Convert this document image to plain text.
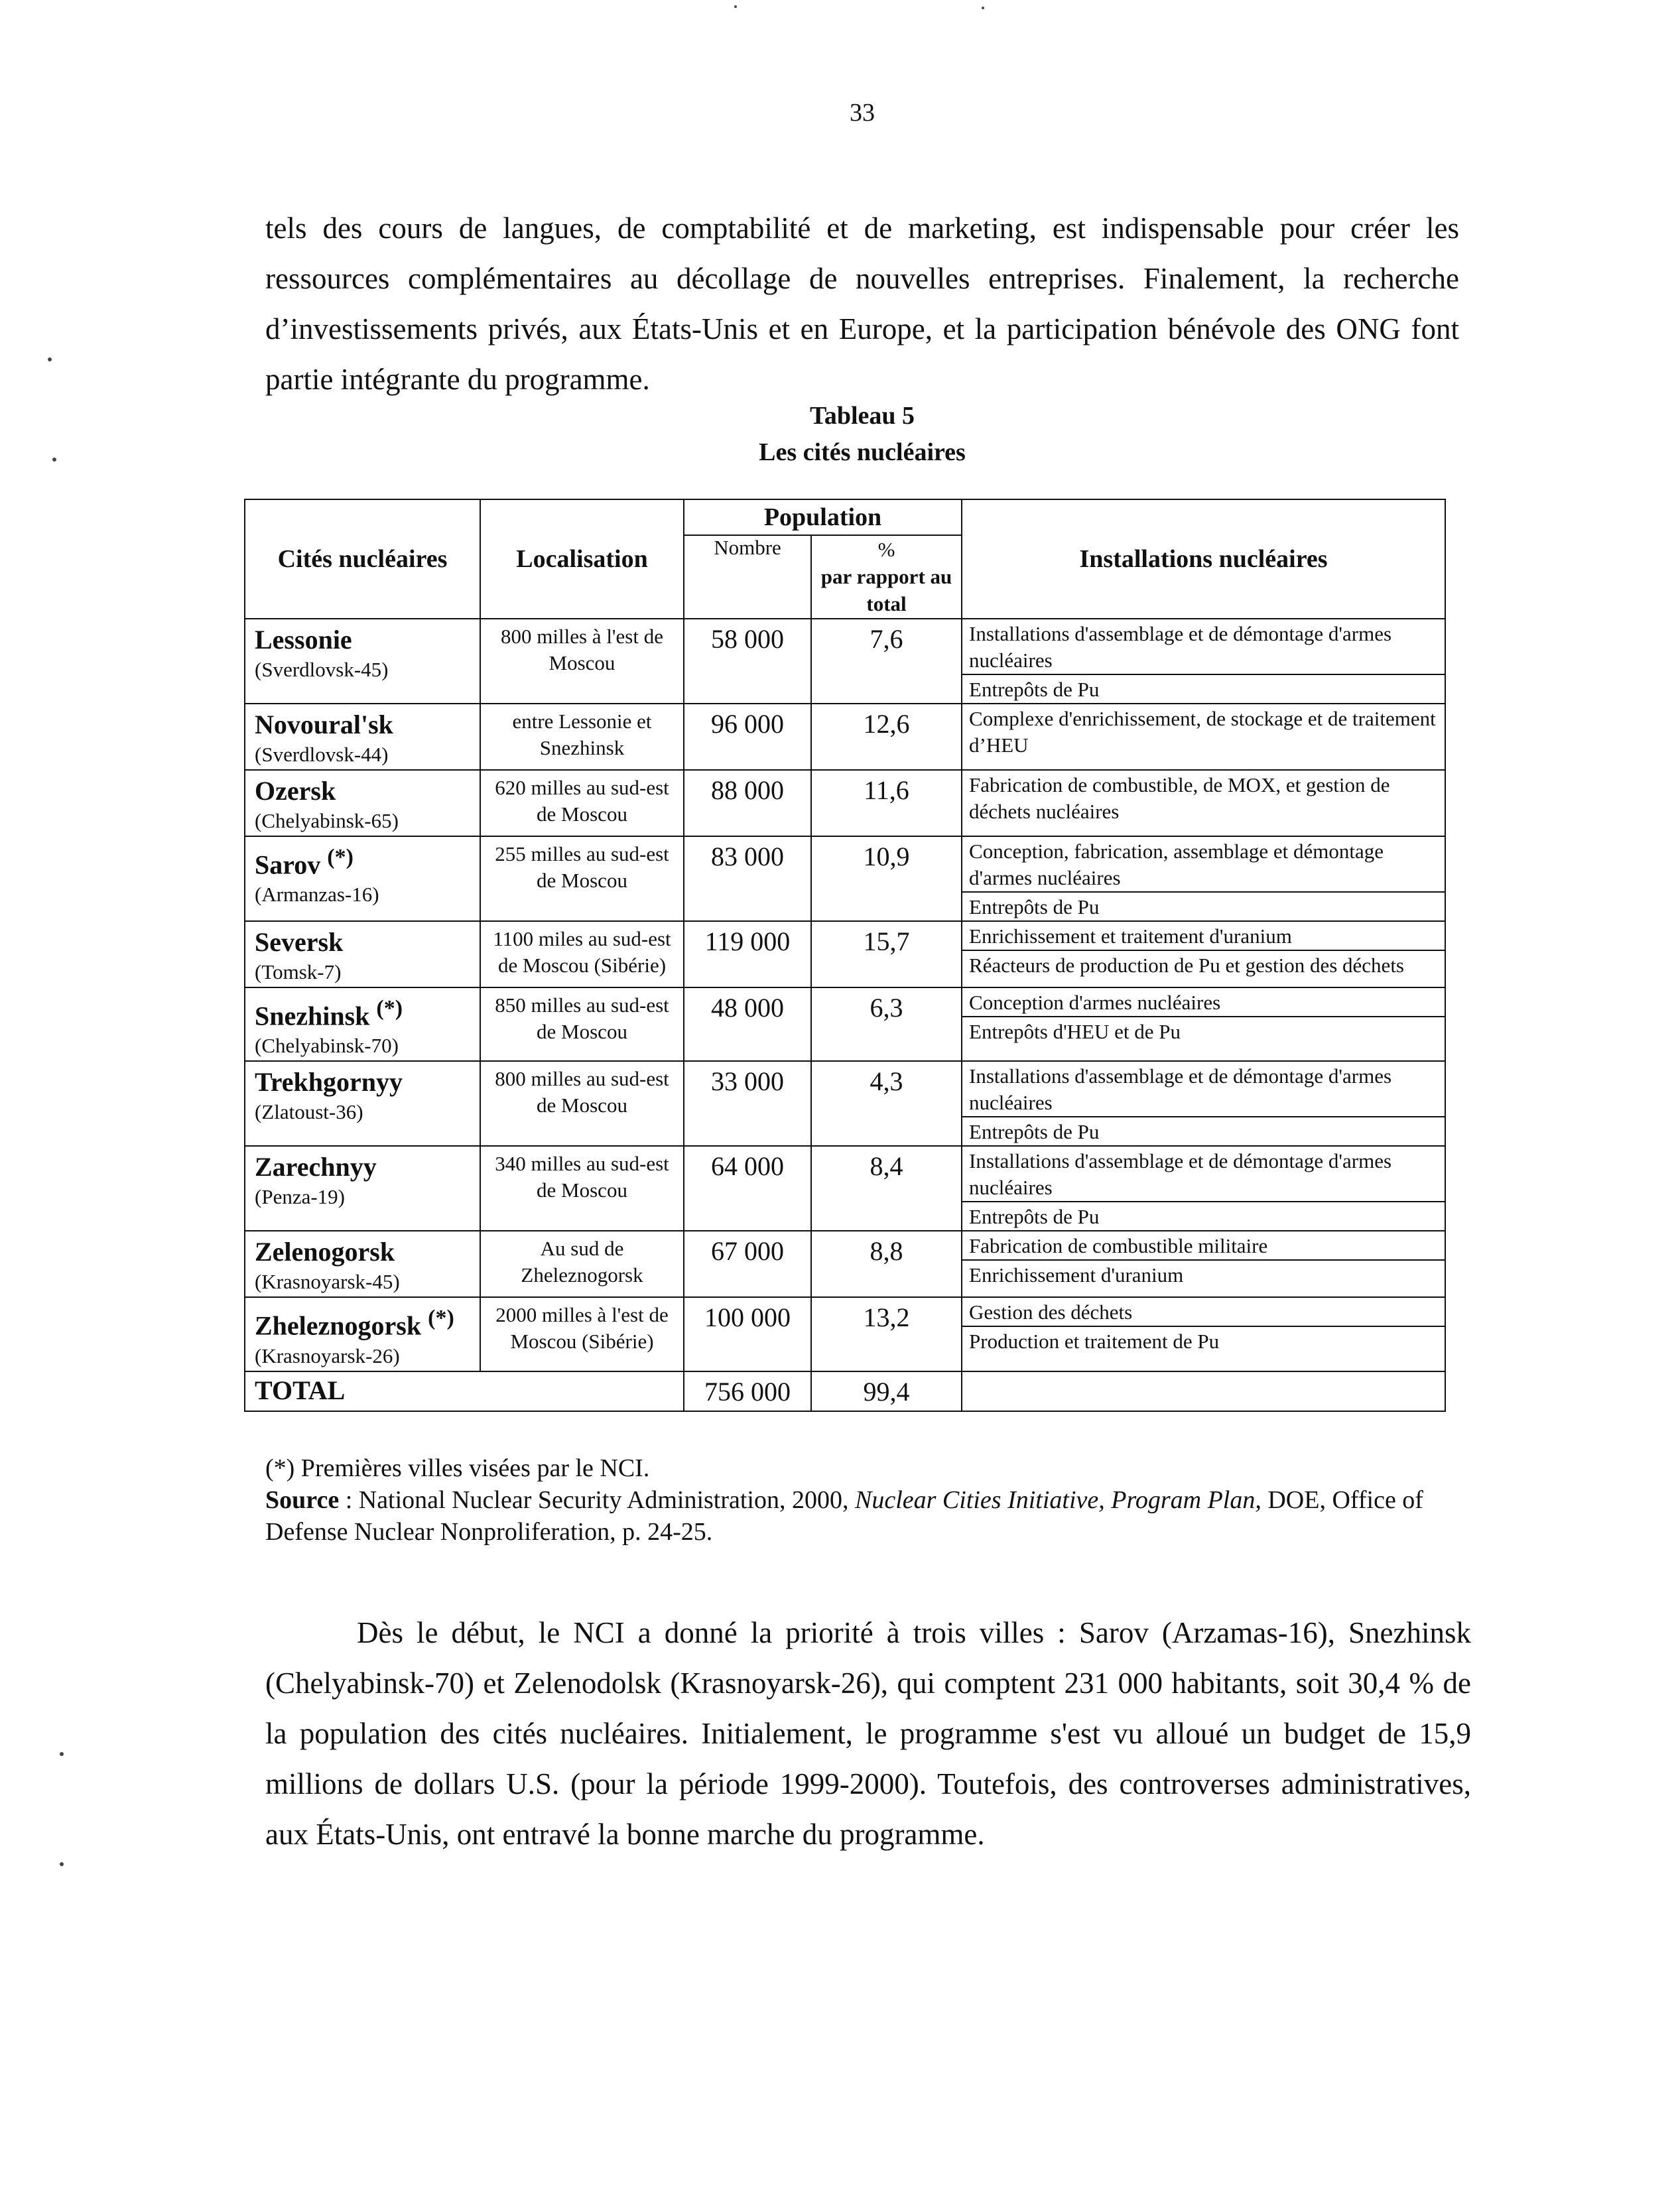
33

tels des cours de langues, de comptabilité et de marketing, est indispensable pour créer les ressources complémentaires au décollage de nouvelles entreprises. Finalement, la recherche d’investissements privés, aux États-Unis et en Europe, et la participation bénévole des ONG font partie intégrante du programme.

Tableau 5
Les cités nucléaires
Cités nucléaires	Localisation	Population		Installations nucléaires
		Nombre	%
par rapport au total	

Lessonie
(Sverdlovsk-45)	800 milles à l'est de Moscou	58 000	7,6	Installations d'assemblage et de démontage d'armes nucléaires
Entrepôts de Pu

Novoural'sk
(Sverdlovsk-44)	entre Lessonie et Snezhinsk	96 000	12,6	Complexe d'enrichissement, de stockage et de traitement d’HEU

Ozersk
(Chelyabinsk-65)	620 milles au sud-est de Moscou	88 000	11,6	Fabrication de combustible, de MOX, et gestion de déchets nucléaires

Sarov (*)
(Armanzas-16)	255 milles au sud-est de Moscou	83 000	10,9	Conception, fabrication, assemblage et démontage d'armes nucléaires
Entrepôts de Pu

Seversk
(Tomsk-7)	1100 miles au sud-est de Moscou (Sibérie)	119 000	15,7	Enrichissement et traitement d'uranium
Réacteurs de production de Pu et gestion des déchets

Snezhinsk (*)
(Chelyabinsk-70)	850 milles au sud-est de Moscou	48 000	6,3	Conception d'armes nucléaires
Entrepôts d'HEU et de Pu

Trekhgornyy
(Zlatoust-36)	800 milles au sud-est de Moscou	33 000	4,3	Installations d'assemblage et de démontage d'armes nucléaires
Entrepôts de Pu

Zarechnyy
(Penza-19)	340 milles au sud-est de Moscou	64 000	8,4	Installations d'assemblage et de démontage d'armes nucléaires
Entrepôts de Pu

Zelenogorsk
(Krasnoyarsk-45)	Au sud de Zheleznogorsk	67 000	8,8	Fabrication de combustible militaire
Enrichissement d'uranium

Zheleznogorsk (*)
(Krasnoyarsk-26)	2000 milles à l'est de Moscou (Sibérie)	100 000	13,2	Gestion des déchets
Production et traitement de Pu

TOTAL		756 000	99,4	

(*) Premières villes visées par le NCI.

Source : National Nuclear Security Administration, 2000, Nuclear Cities Initiative, Program Plan, DOE, Office of Defense Nuclear Nonproliferation, p. 24-25.

Dès le début, le NCI a donné la priorité à trois villes : Sarov (Arzamas-16), Snezhinsk (Chelyabinsk-70) et Zelenodolsk (Krasnoyarsk-26), qui comptent 231 000 habitants, soit 30,4 % de la population des cités nucléaires. Initialement, le programme s'est vu alloué un budget de 15,9 millions de dollars U.S. (pour la période 1999-2000). Toutefois, des controverses administratives, aux États-Unis, ont entravé la bonne marche du programme.
